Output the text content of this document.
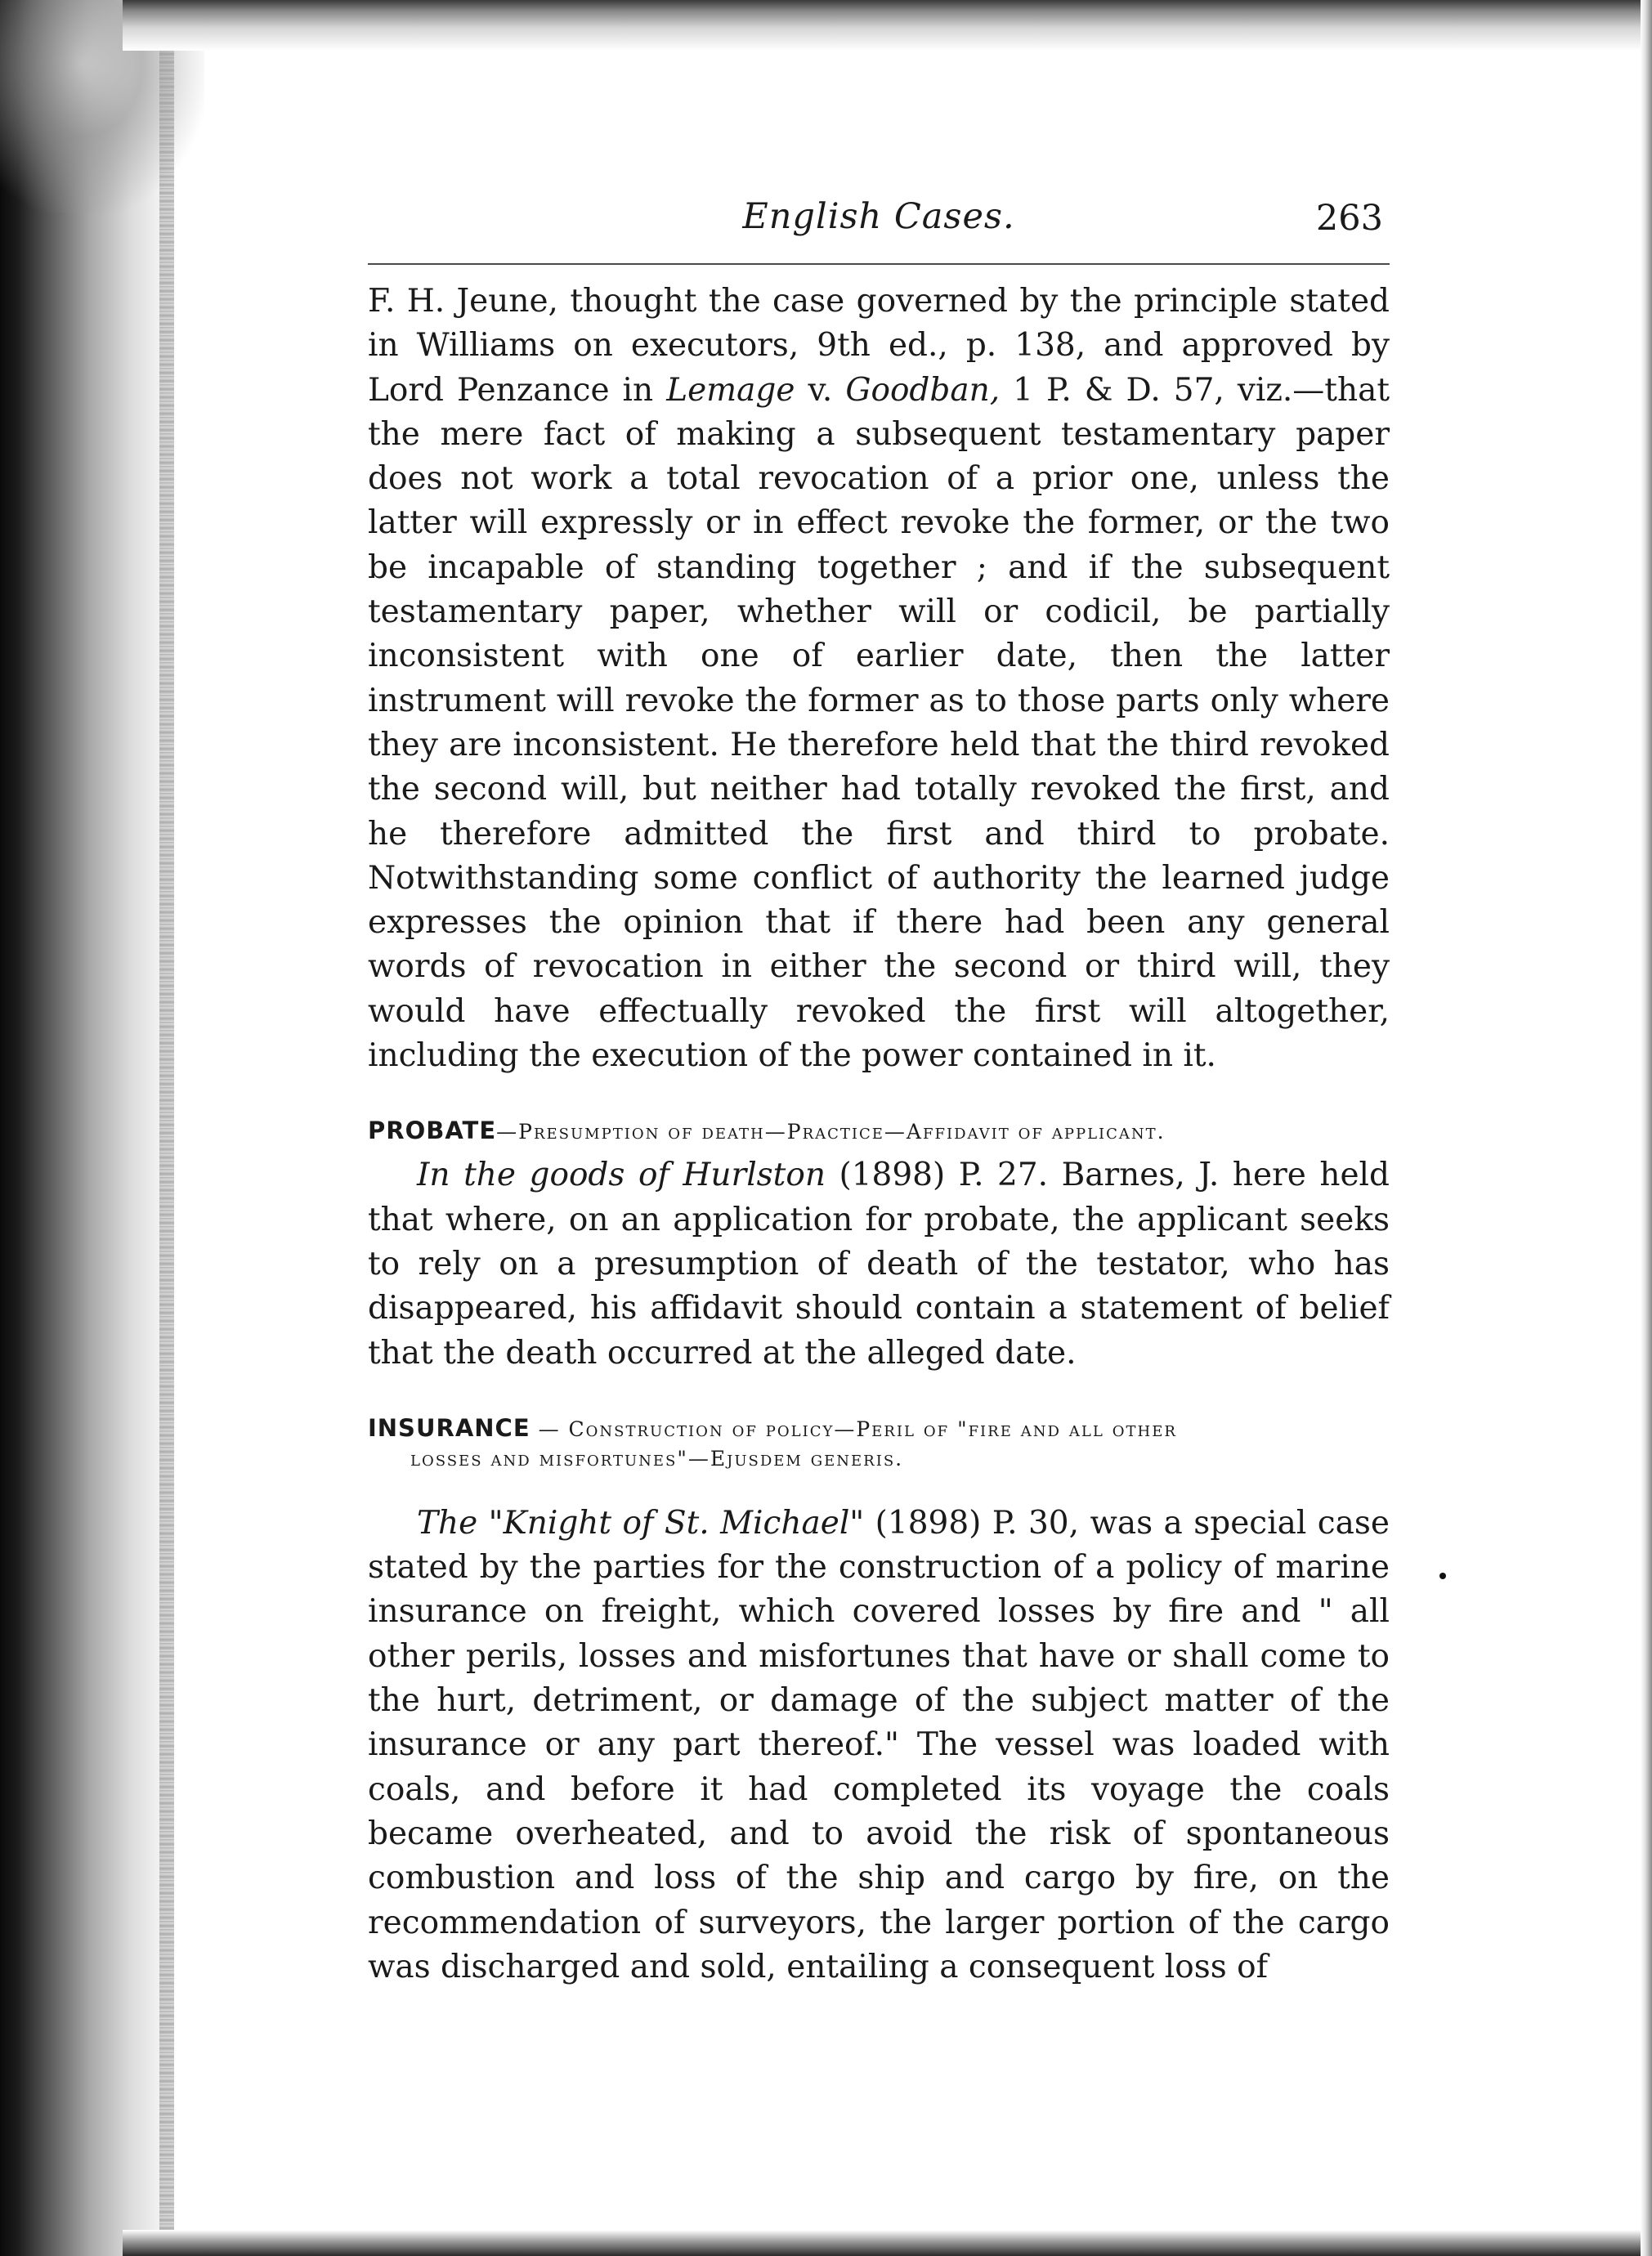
English Cases.	263

F. H. Jeune, thought the case governed by the principle stated in Williams on executors, 9th ed., p. 138, and approved by Lord Penzance in Lemage v. Goodban, 1 P. & D. 57, viz.—that the mere fact of making a subsequent testamentary paper does not work a total revocation of a prior one, unless the latter will expressly or in effect revoke the former, or the two be incapable of standing together ; and if the subsequent testamentary paper, whether will or codicil, be partially inconsistent with one of earlier date, then the latter instrument will revoke the former as to those parts only where they are inconsistent. He therefore held that the third revoked the second will, but neither had totally revoked the first, and he therefore admitted the first and third to probate. Notwithstanding some conflict of authority the learned judge expresses the opinion that if there had been any general words of revocation in either the second or third will, they would have effectually revoked the first will altogether, including the execution of the power contained in it.

PROBATE—Presumption of death—Practice—Affidavit of applicant.

In the goods of Hurlston (1898) P. 27. Barnes, J. here held that where, on an application for probate, the applicant seeks to rely on a presumption of death of the testator, who has disappeared, his affidavit should contain a statement of belief that the death occurred at the alleged date.

INSURANCE — Construction of policy—Peril of "fire and all other
losses and misfortunes"—Ejusdem generis.

The "Knight of St. Michael" (1898) P. 30, was a special case stated by the parties for the construction of a policy of marine insurance on freight, which covered losses by fire and " all other perils, losses and misfortunes that have or shall come to the hurt, detriment, or damage of the subject matter of the insurance or any part thereof." The vessel was loaded with coals, and before it had completed its voyage the coals became overheated, and to avoid the risk of spontaneous combustion and loss of the ship and cargo by fire, on the recommendation of surveyors, the larger portion of the cargo was discharged and sold, entailing a consequent loss of
